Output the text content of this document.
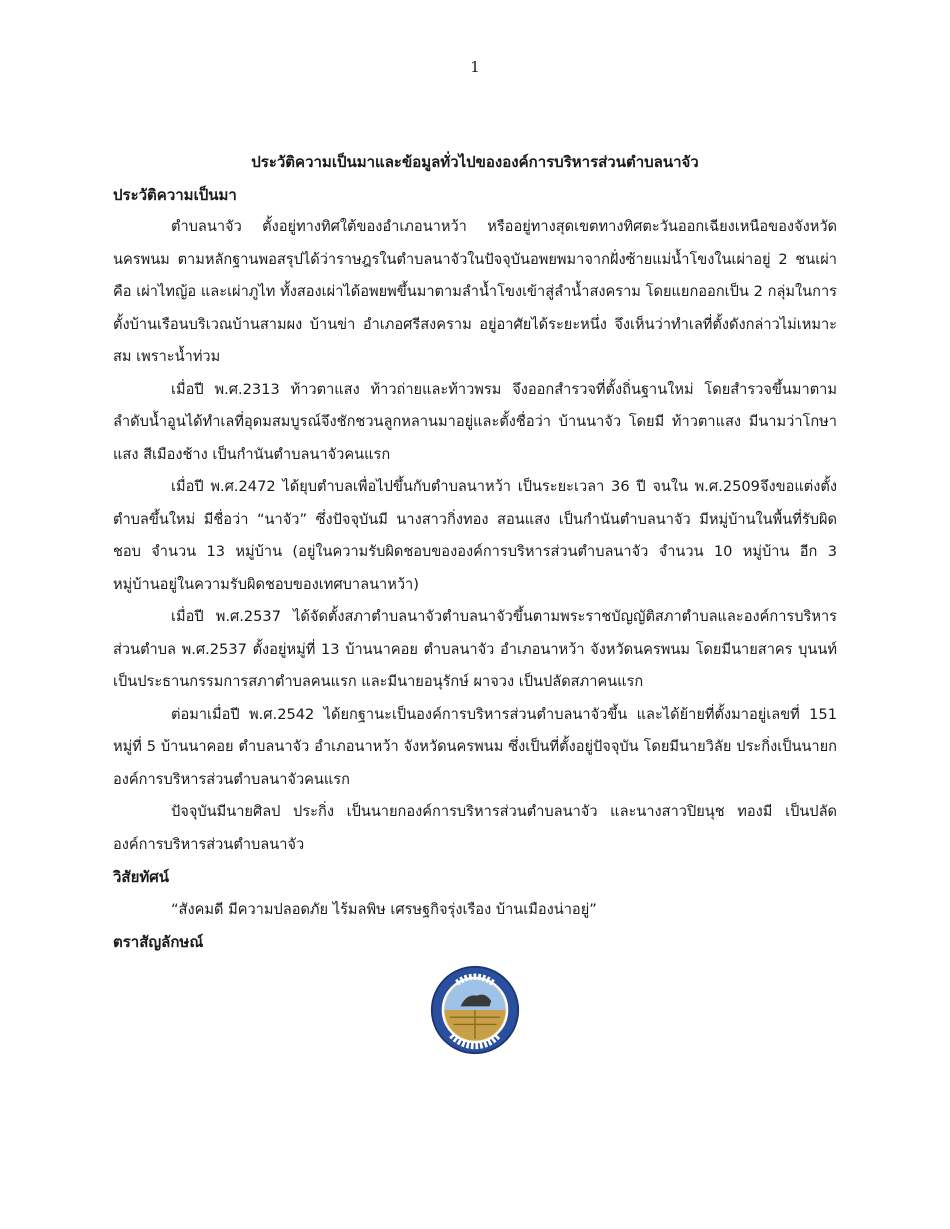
1

ประวัติความเป็นมาและข้อมูลทั่วไปขององค์การบริหารส่วนตำบลนาจัว

ประวัติความเป็นมา

ตำบลนาจัว ตั้งอยู่ทางทิศใต้ของอำเภอนาหว้า หรืออยู่ทางสุดเขตทางทิศตะวันออกเฉียงเหนือของจังหวัดนครพนม ตามหลักฐานพอสรุปได้ว่าราษฎรในตำบลนาจัวในปัจจุบันอพยพมาจากฝั่งซ้ายแม่น้ำโขงในเผ่าอยู่ 2 ชนเผ่าคือ เผ่าไทญ้อ และเผ่าภูไท ทั้งสองเผ่าได้อพยพขึ้นมาตามลำน้ำโขงเข้าสู่ลำน้ำสงคราม โดยแยกออกเป็น 2 กลุ่มในการตั้งบ้านเรือนบริเวณบ้านสามผง บ้านข่า อำเภอศรีสงคราม อยู่อาศัยได้ระยะหนึ่ง จึงเห็นว่าทำเลที่ตั้งดังกล่าวไม่เหมาะสม เพราะน้ำท่วม

เมื่อปี พ.ศ.2313 ท้าวตาแสง ท้าวถ่ายและท้าวพรม จึงออกสำรวจที่ตั้งถิ่นฐานใหม่ โดยสำรวจขึ้นมาตามลำดับน้ำอูนได้ทำเลที่อุดมสมบูรณ์จึงชักชวนลูกหลานมาอยู่และตั้งชื่อว่า บ้านนาจัว โดยมี ท้าวตาแสง มีนามว่าโกษาแสง สีเมืองช้าง เป็นกำนันตำบลนาจัวคนแรก

เมื่อปี พ.ศ.2472 ได้ยุบตำบลเพื่อไปขึ้นกับตำบลนาหว้า เป็นระยะเวลา 36 ปี จนใน พ.ศ.2509จึงขอแต่งตั้งตำบลขึ้นใหม่ มีชื่อว่า “นาจัว” ซึ่งปัจจุบันมี นางสาวกิ่งทอง สอนแสง เป็นกำนันตำบลนาจัว มีหมู่บ้านในพื้นที่รับผิดชอบ จำนวน 13 หมู่บ้าน (อยู่ในความรับผิดชอบขององค์การบริหารส่วนตำบลนาจัว จำนวน 10 หมู่บ้าน อีก 3 หมู่บ้านอยู่ในความรับผิดชอบของเทศบาลนาหว้า)

เมื่อปี พ.ศ.2537 ได้จัดตั้งสภาตำบลนาจัวตำบลนาจัวขึ้นตามพระราชบัญญัติสภาตำบลและองค์การบริหารส่วนตำบล พ.ศ.2537 ตั้งอยู่หมู่ที่ 13 บ้านนาคอย ตำบลนาจัว อำเภอนาหว้า จังหวัดนครพนม โดยมีนายสาคร บุนนท์ เป็นประธานกรรมการสภาตำบลคนแรก และมีนายอนุรักษ์ ผาจวง เป็นปลัดสภาคนแรก

ต่อมาเมื่อปี พ.ศ.2542 ได้ยกฐานะเป็นองค์การบริหารส่วนตำบลนาจัวขึ้น และได้ย้ายที่ตั้งมาอยู่เลขที่ 151 หมู่ที่ 5 บ้านนาคอย ตำบลนาจัว อำเภอนาหว้า จังหวัดนครพนม ซึ่งเป็นที่ตั้งอยู่ปัจจุบัน โดยมีนายวิลัย ประกิ่งเป็นนายกองค์การบริหารส่วนตำบลนาจัวคนแรก

ปัจจุบันมีนายศิลป ประกิ่ง เป็นนายกองค์การบริหารส่วนตำบลนาจัว และนางสาวปิยนุช ทองมี เป็นปลัดองค์การบริหารส่วนตำบลนาจัว

วิสัยทัศน์

“สังคมดี มีความปลอดภัย ไร้มลพิษ เศรษฐกิจรุ่งเรือง บ้านเมืองน่าอยู่”

ตราสัญลักษณ์
